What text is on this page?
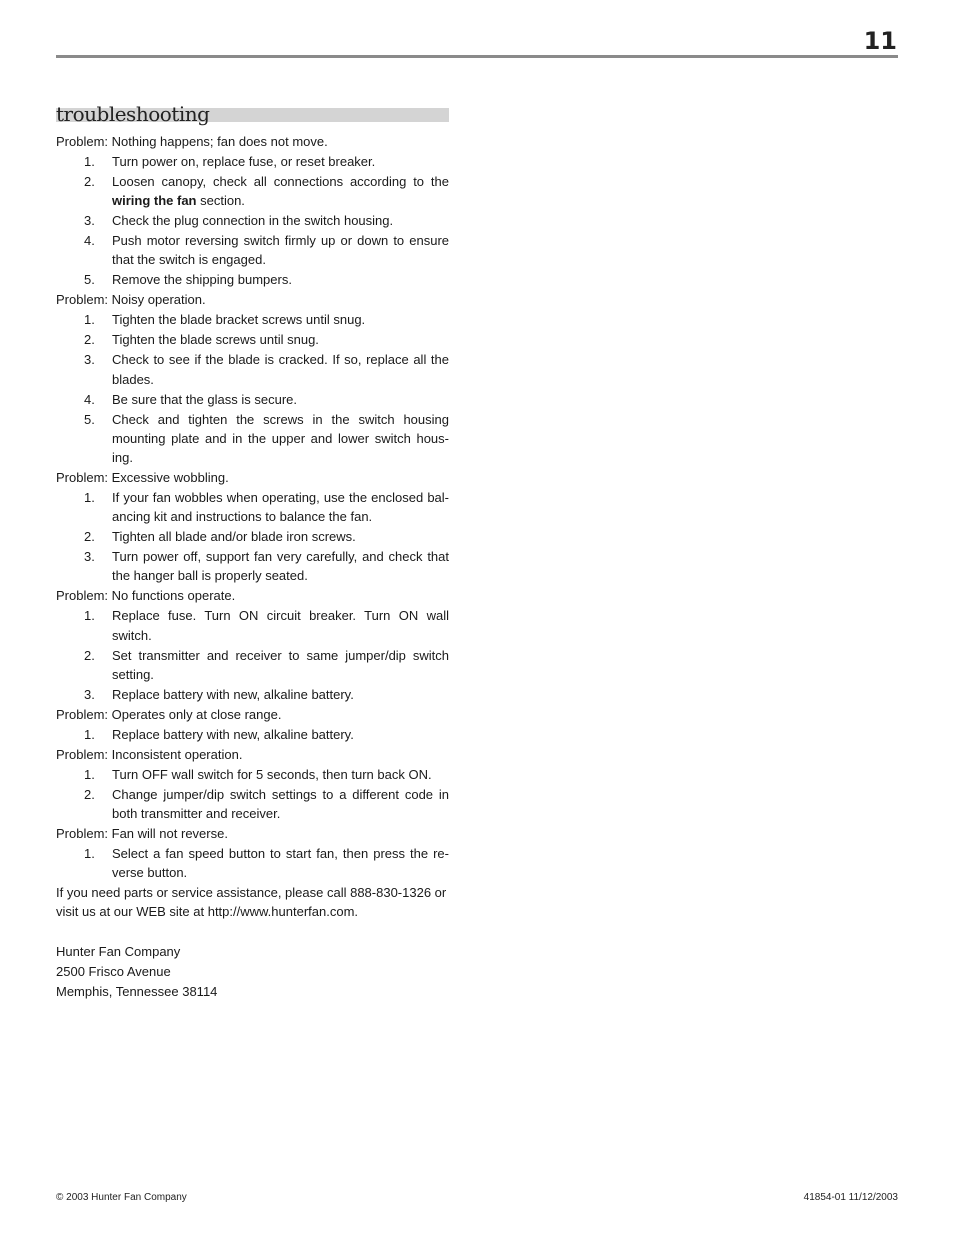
11
troubleshooting
Problem: Nothing happens; fan does not move.
1. Turn power on, replace fuse, or reset breaker.
2. Loosen canopy, check all connections according to the wiring the fan section.
3. Check the plug connection in the switch housing.
4. Push motor reversing switch firmly up or down to ensure that the switch is engaged.
5. Remove the shipping bumpers.
Problem: Noisy operation.
1. Tighten the blade bracket screws until snug.
2. Tighten the blade screws until snug.
3. Check to see if the blade is cracked. If so, replace all the blades.
4. Be sure that the glass is secure.
5. Check and tighten the screws in the switch housing mounting plate and in the upper and lower switch hous-ing.
Problem: Excessive wobbling.
1. If your fan wobbles when operating, use the enclosed bal-ancing kit and instructions to balance the fan.
2. Tighten all blade and/or blade iron screws.
3. Turn power off, support fan very carefully, and check that the hanger ball is properly seated.
Problem: No functions operate.
1. Replace fuse. Turn ON circuit breaker. Turn ON wall switch.
2. Set transmitter and receiver to same jumper/dip switch setting.
3. Replace battery with new, alkaline battery.
Problem: Operates only at close range.
1. Replace battery with new, alkaline battery.
Problem: Inconsistent operation.
1. Turn OFF wall switch for 5 seconds, then turn back ON.
2. Change jumper/dip switch settings to a different code in both transmitter and receiver.
Problem: Fan will not reverse.
1. Select a fan speed button to start fan, then press the re-verse button.
If you need parts or service assistance, please call 888-830-1326 or visit us at our WEB site at http://www.hunterfan.com.
Hunter Fan Company
2500 Frisco Avenue
Memphis, Tennessee 38114
© 2003 Hunter Fan Company	41854-01 11/12/2003
